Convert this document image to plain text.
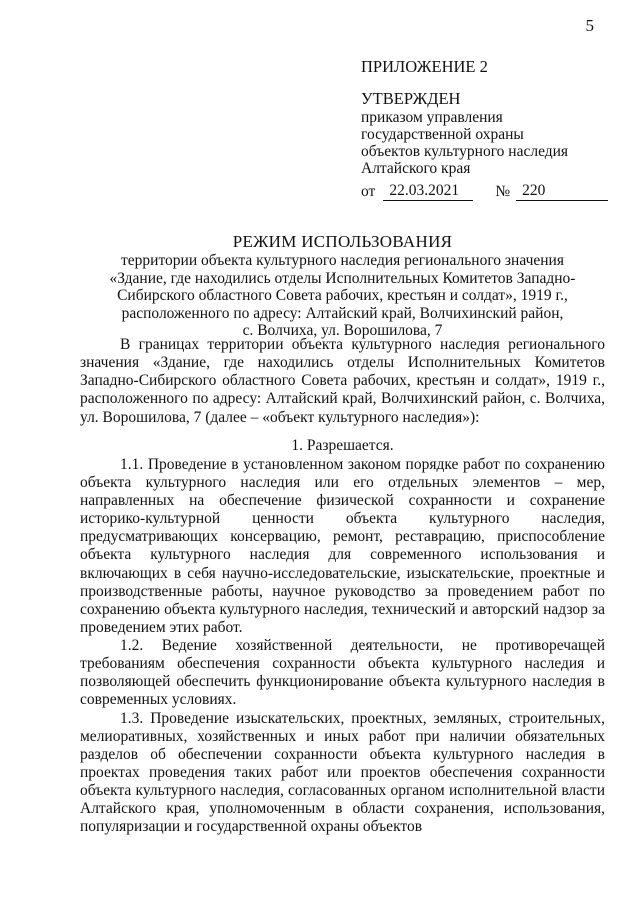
5
ПРИЛОЖЕНИЕ 2
УТВЕРЖДЕН
приказом управления
государственной охраны
объектов культурного наследия
Алтайского края
от 22.03.2021	№ 220
РЕЖИМ ИСПОЛЬЗОВАНИЯ
территории объекта культурного наследия регионального значения
«Здание, где находились отделы Исполнительных Комитетов Западно-
Сибирского областного Совета рабочих, крестьян и солдат», 1919 г.,
расположенного по адресу: Алтайский край, Волчихинский район,
с. Волчиха, ул. Ворошилова, 7

В границах территории объекта культурного наследия регионального значения «Здание, где находились отделы Исполнительных Комитетов Западно-Сибирского областного Совета рабочих, крестьян и солдат», 1919 г., расположенного по адресу: Алтайский край, Волчихинский район, с. Волчиха, ул. Ворошилова, 7 (далее – «объект культурного наследия»):

1. Разрешается.

1.1. Проведение в установленном законом порядке работ по сохранению объекта культурного наследия или его отдельных элементов – мер, направленных на обеспечение физической сохранности и сохранение историко-культурной ценности объекта культурного наследия, предусматривающих консервацию, ремонт, реставрацию, приспособление объекта культурного наследия для современного использования и включающих в себя научно-исследовательские, изыскательские, проектные и производственные работы, научное руководство за проведением работ по сохранению объекта культурного наследия, технический и авторский надзор за проведением этих работ.

1.2. Ведение хозяйственной деятельности, не противоречащей требованиям обеспечения сохранности объекта культурного наследия и позволяющей обеспечить функционирование объекта культурного наследия в современных условиях.

1.3. Проведение изыскательских, проектных, земляных, строительных, мелиоративных, хозяйственных и иных работ при наличии обязательных разделов об обеспечении сохранности объекта культурного наследия в проектах проведения таких работ или проектов обеспечения сохранности объекта культурного наследия, согласованных органом исполнительной власти Алтайского края, уполномоченным в области сохранения, использования, популяризации и государственной охраны объектов
